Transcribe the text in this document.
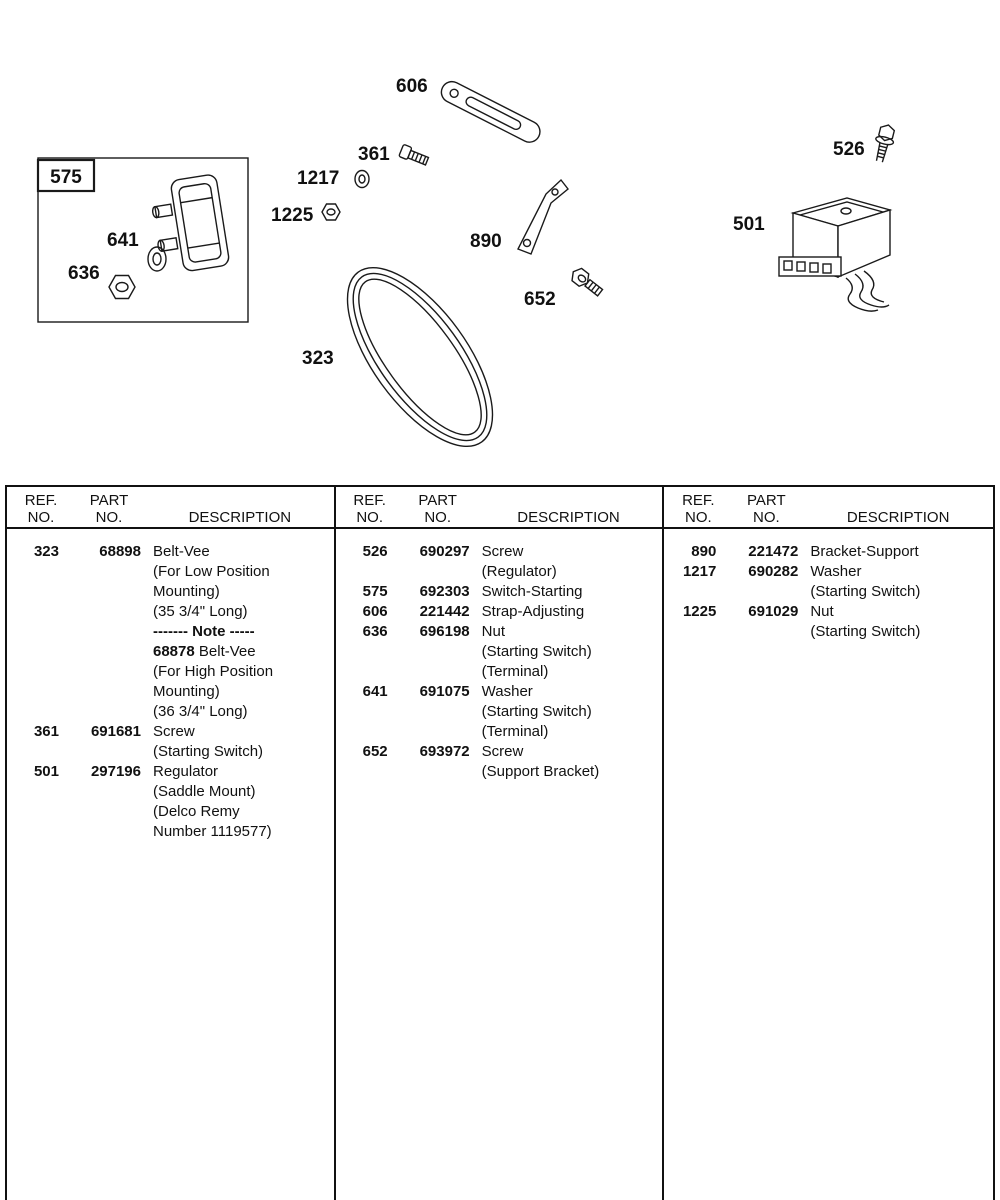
575
641
636
606
361
1217
1225
890
652
323
526
501
REF.
NO.
PART
NO.	DESCRIPTION
323	68898 Belt-Vee
(For Low Position
Mounting)
(35 3/4" Long)
------- Note -----
68878 Belt-Vee
(For High Position
Mounting)
(36 3/4" Long)
361	691681 Screw
(Starting Switch)
501	297196 Regulator
(Saddle Mount)
(Delco Remy
Number 1119577)
REF.
NO.
PART
NO.	DESCRIPTION
526	690297 Screw
(Regulator)
575	692303 Switch-Starting
606	221442 Strap-Adjusting
636	696198 Nut
(Starting Switch)
(Terminal)
641	691075 Washer
(Starting Switch)
(Terminal)
652	693972 Screw
(Support Bracket)
REF.
NO.
PART
NO.	DESCRIPTION
890	221472 Bracket-Support
1217	690282 Washer
(Starting Switch)
1225	691029 Nut
(Starting Switch)
